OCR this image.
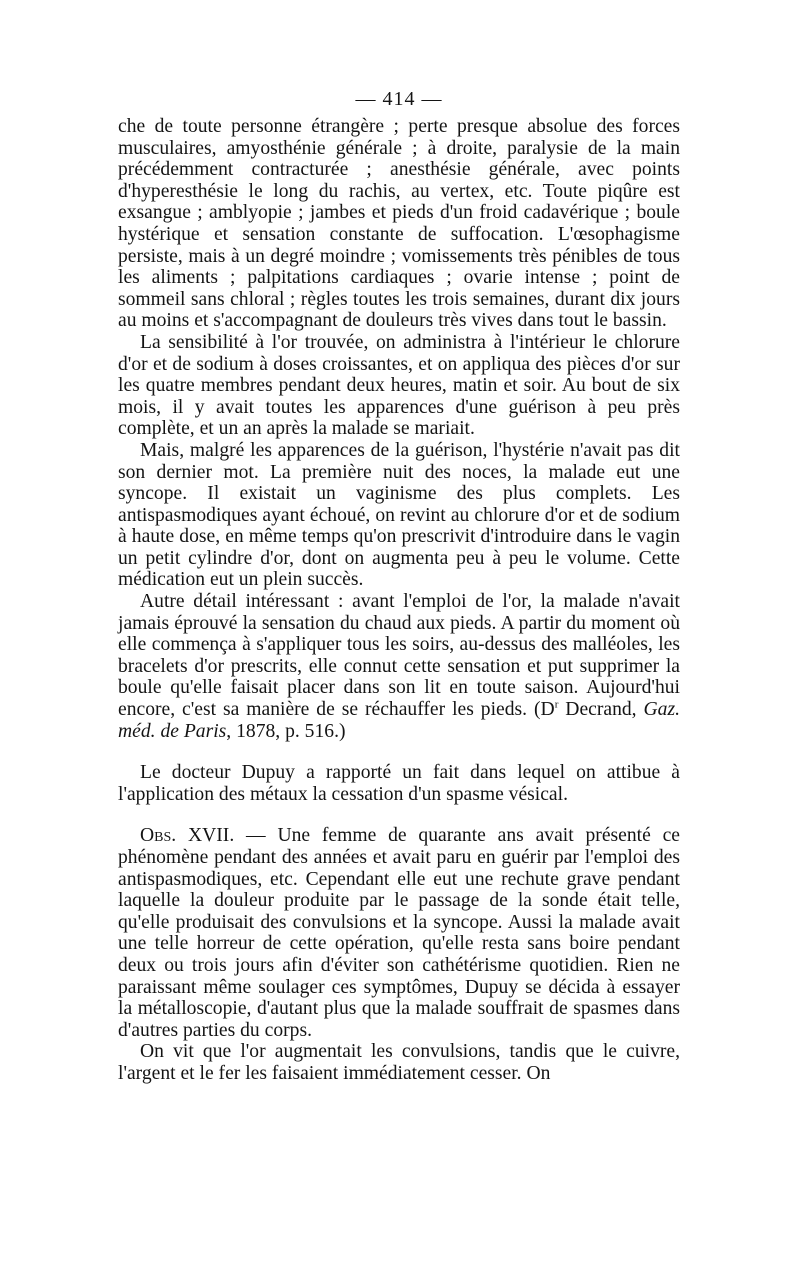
— 414 —

che de toute personne étrangère ; perte presque absolue des forces musculaires, amyosthénie générale ; à droite, paralysie de la main précédemment contracturée ; anesthésie générale, avec points d'hyperesthésie le long du rachis, au vertex, etc. Toute piqûre est exsangue ; amblyopie ; jambes et pieds d'un froid cadavérique ; boule hystérique et sensation constante de suffocation. L'œsophagisme persiste, mais à un degré moindre ; vomissements très pénibles de tous les aliments ; palpitations cardiaques ; ovarie intense ; point de sommeil sans chloral ; règles toutes les trois semaines, durant dix jours au moins et s'accompagnant de douleurs très vives dans tout le bassin.

La sensibilité à l'or trouvée, on administra à l'intérieur le chlorure d'or et de sodium à doses croissantes, et on appliqua des pièces d'or sur les quatre membres pendant deux heures, matin et soir. Au bout de six mois, il y avait toutes les apparences d'une guérison à peu près complète, et un an après la malade se mariait.

Mais, malgré les apparences de la guérison, l'hystérie n'avait pas dit son dernier mot. La première nuit des noces, la malade eut une syncope. Il existait un vaginisme des plus complets. Les antispasmodiques ayant échoué, on revint au chlorure d'or et de sodium à haute dose, en même temps qu'on prescrivit d'introduire dans le vagin un petit cylindre d'or, dont on augmenta peu à peu le volume. Cette médication eut un plein succès.

Autre détail intéressant : avant l'emploi de l'or, la malade n'avait jamais éprouvé la sensation du chaud aux pieds. A partir du moment où elle commença à s'appliquer tous les soirs, au-dessus des malléoles, les bracelets d'or prescrits, elle connut cette sensation et put supprimer la boule qu'elle faisait placer dans son lit en toute saison. Aujourd'hui encore, c'est sa manière de se réchauffer les pieds. ($D^r$ Decrand, Gaz. méd. de Paris, 1878, p. 516.)

Le docteur Dupuy a rapporté un fait dans lequel on attibue à l'application des métaux la cessation d'un spasme vésical.

Obs. XVII. — Une femme de quarante ans avait présenté ce phénomène pendant des années et avait paru en guérir par l'emploi des antispasmodiques, etc. Cependant elle eut une rechute grave pendant laquelle la douleur produite par le passage de la sonde était telle, qu'elle produisait des convulsions et la syncope. Aussi la malade avait une telle horreur de cette opération, qu'elle resta sans boire pendant deux ou trois jours afin d'éviter son cathétérisme quotidien. Rien ne paraissant même soulager ces symptômes, Dupuy se décida à essayer la métalloscopie, d'autant plus que la malade souffrait de spasmes dans d'autres parties du corps.

On vit que l'or augmentait les convulsions, tandis que le cuivre, l'argent et le fer les faisaient immédiatement cesser. On
